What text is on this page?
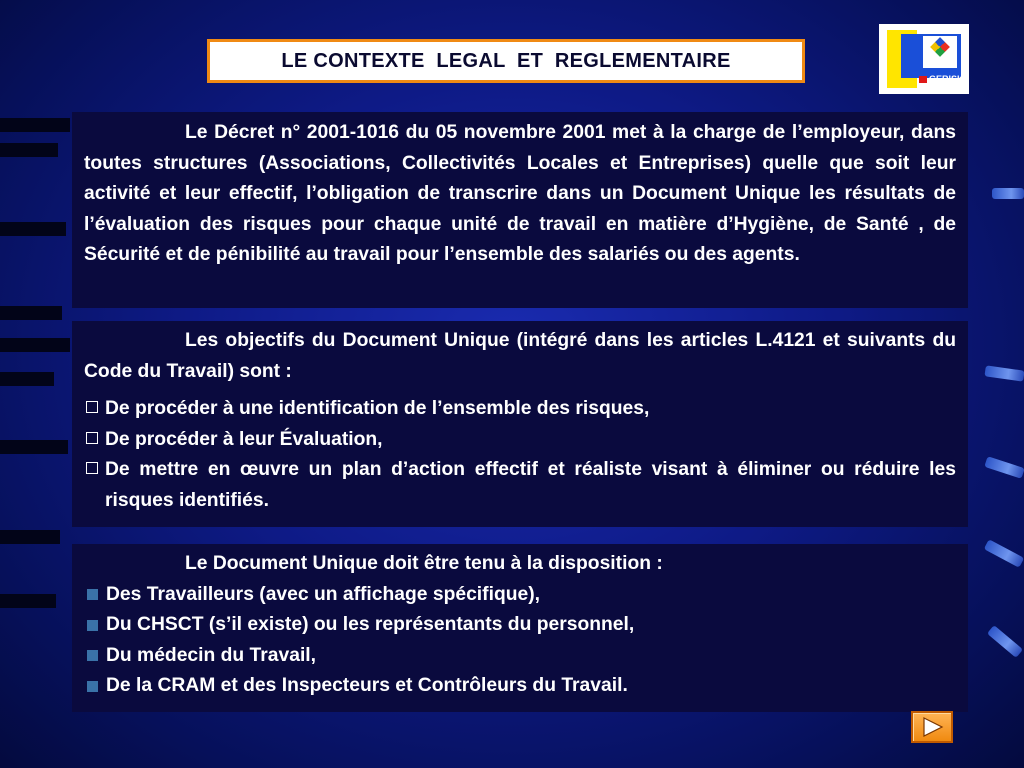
LE CONTEXTE  LEGAL  ET  REGLEMENTAIRE
GERISK

Le Décret n° 2001-1016 du 05 novembre 2001 met à la charge de l’employeur, dans toutes structures (Associations, Collectivités Locales et Entreprises) quelle que soit leur activité et leur effectif, l’obligation de transcrire dans un Document Unique les résultats de l’évaluation des risques pour chaque unité de travail en matière d’Hygiène, de Santé , de Sécurité et de pénibilité au travail pour l’ensemble des salariés ou des agents.

Les objectifs du Document Unique (intégré dans les articles L.4121 et suivants du Code du Travail) sont :

De procéder à une identification de l’ensemble des risques,
De procéder à leur Évaluation,
De mettre en œuvre un plan d’action effectif et réaliste visant à éliminer ou réduire les risques identifiés.

Le Document Unique doit être tenu à la disposition :

Des Travailleurs (avec un affichage spécifique),
Du CHSCT (s’il existe) ou les représentants du personnel,
Du médecin du Travail,
De la CRAM et des Inspecteurs et Contrôleurs du Travail.
